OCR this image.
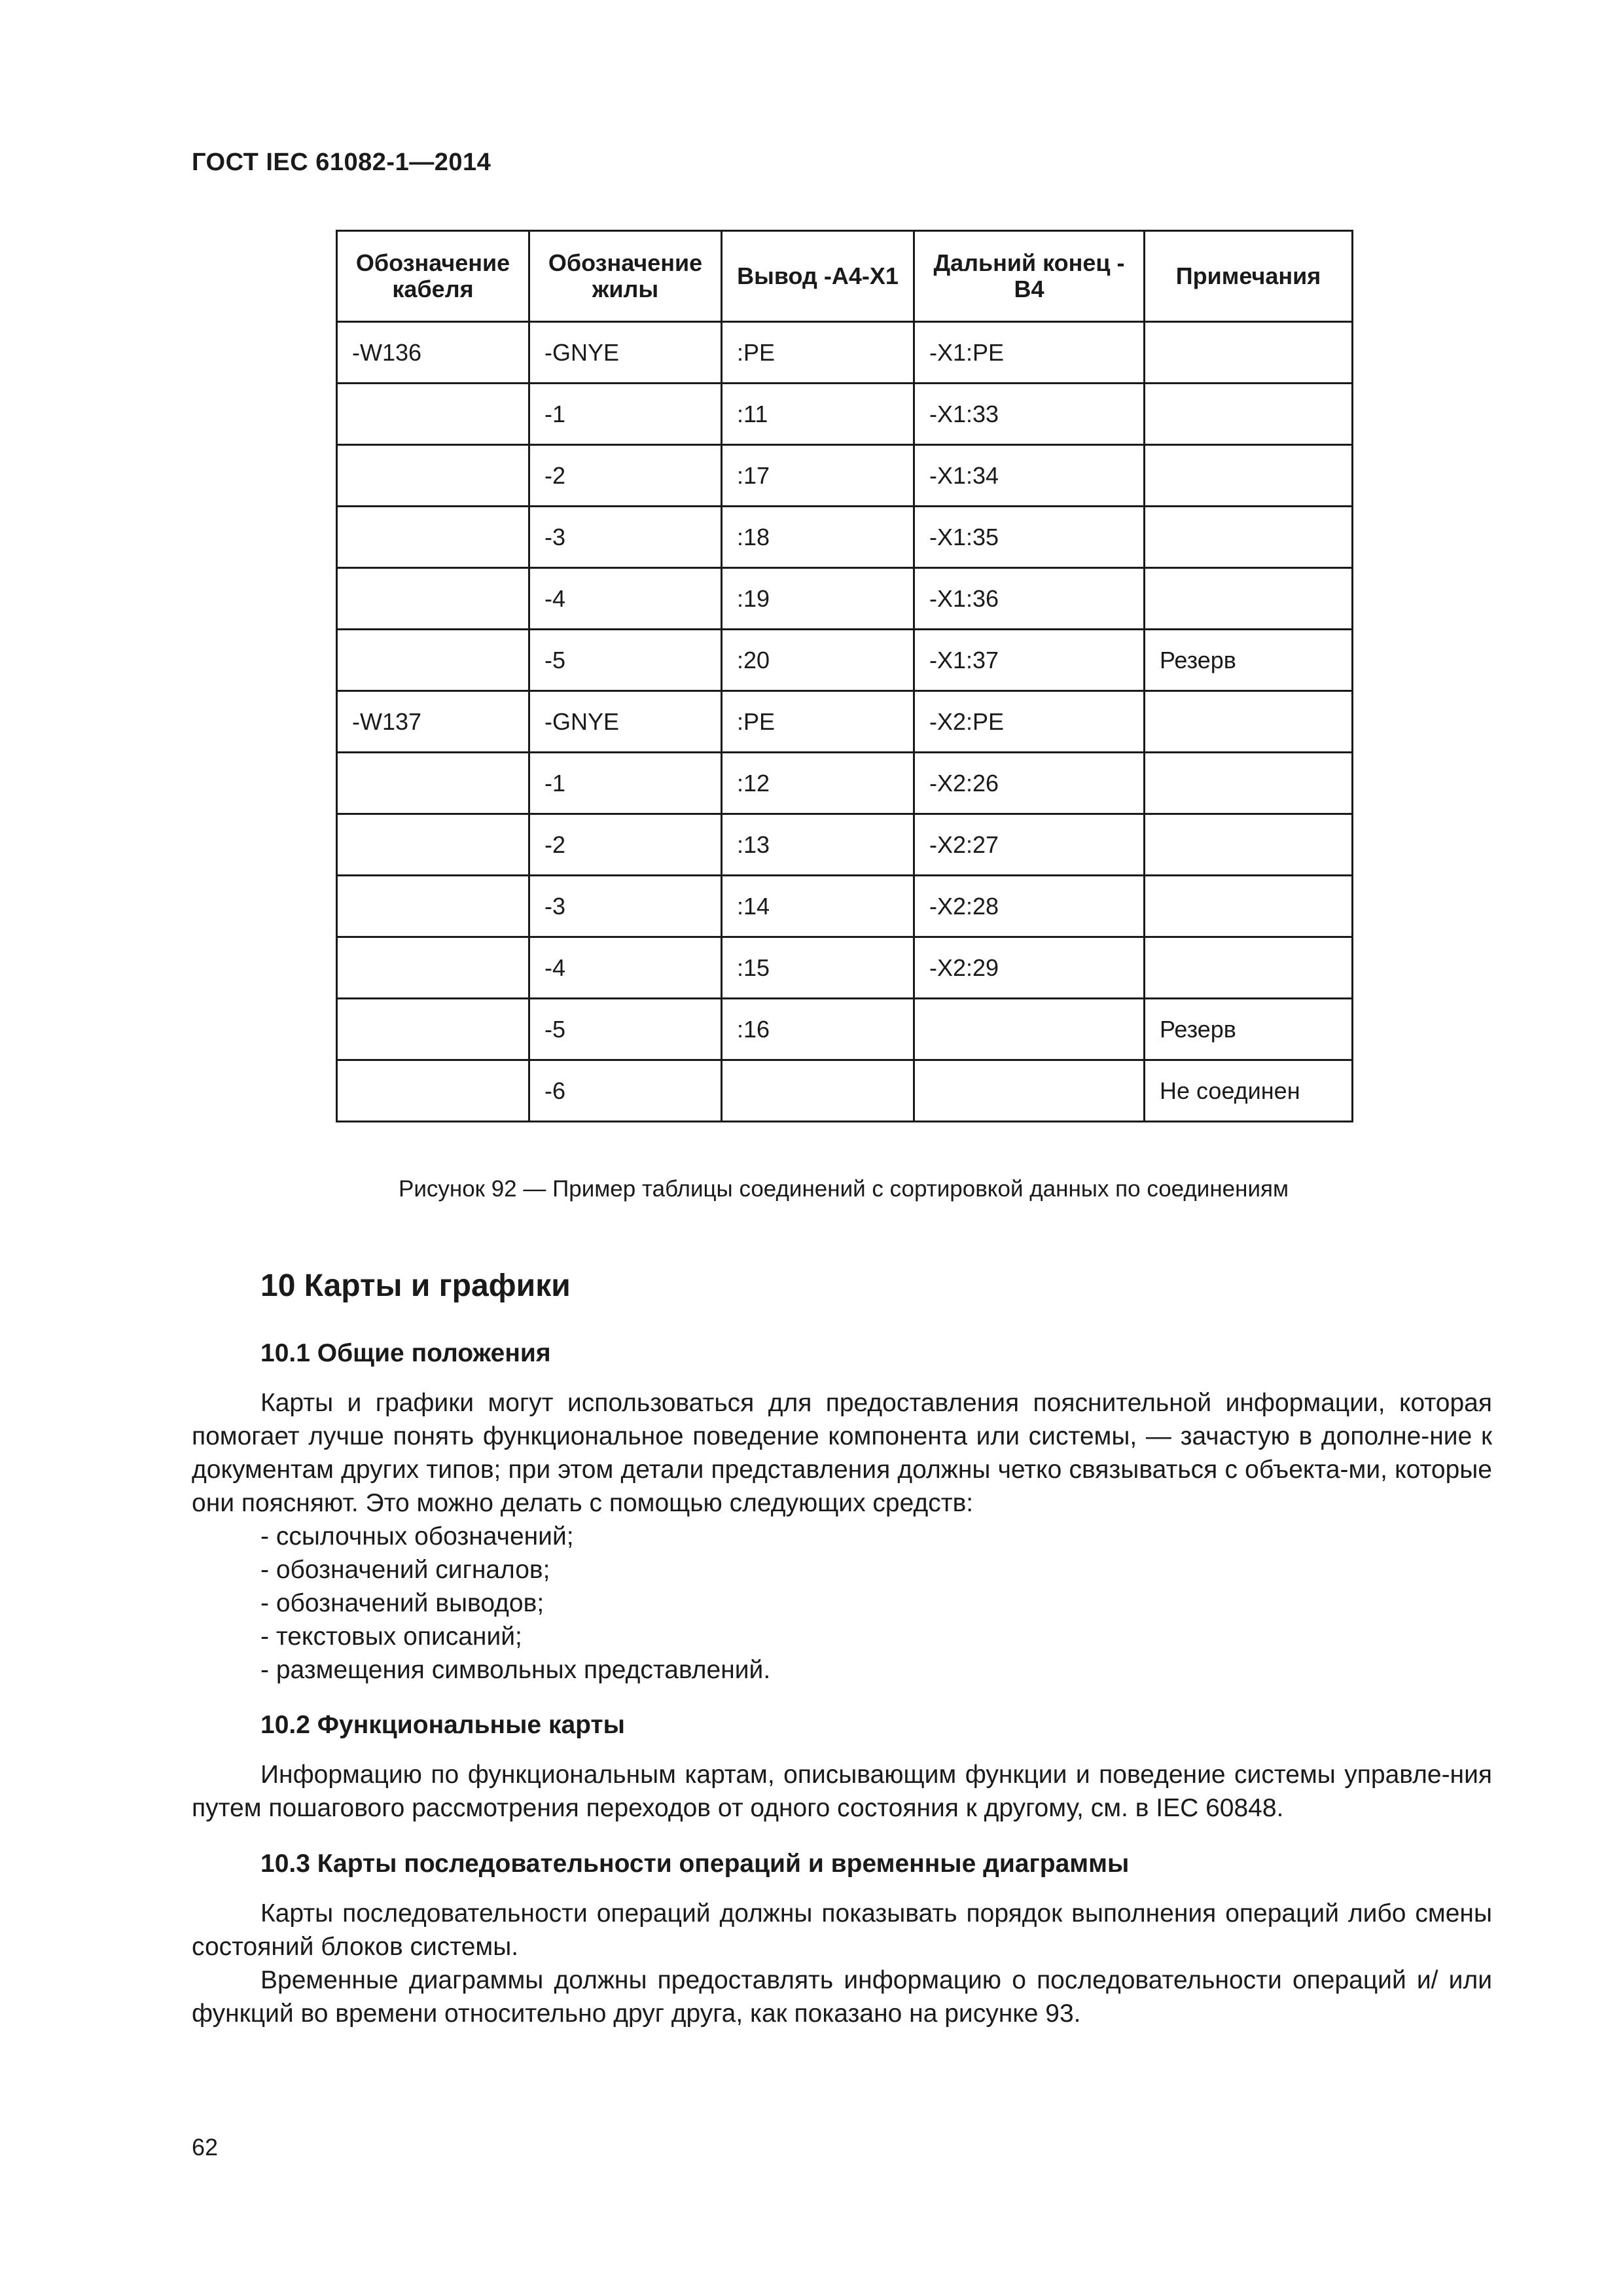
ГОСТ IEC 61082-1—2014
Обозначение кабеля	Обозначение жилы	Вывод -A4-X1	Дальний конец -B4	Примечания
-W136	-GNYE	:PE	-X1:PE	
	-1	:11	-X1:33	
	-2	:17	-X1:34	
	-3	:18	-X1:35	
	-4	:19	-X1:36	
	-5	:20	-X1:37	Резерв
-W137	-GNYE	:PE	-X2:PE	
	-1	:12	-X2:26	
	-2	:13	-X2:27	
	-3	:14	-X2:28	
	-4	:15	-X2:29	
	-5	:16		Резерв
	-6			Не соединен
Рисунок 92 — Пример таблицы соединений с сортировкой данных по соединениям
10 Карты и графики
10.1 Общие положения

Карты и графики могут использоваться для предоставления пояснительной информации, которая помогает лучше понять функциональное поведение компонента или системы, — зачастую в дополне-ние к документам других типов; при этом детали представления должны четко связываться с объекта-ми, которые они поясняют. Это можно делать с помощью следующих средств:

- ссылочных обозначений;
- обозначений сигналов;
- обозначений выводов;
- текстовых описаний;
- размещения символьных представлений.
10.2 Функциональные карты

Информацию по функциональным картам, описывающим функции и поведение системы управле-ния путем пошагового рассмотрения переходов от одного состояния к другому, см. в IEC 60848.

10.3 Карты последовательности операций и временные диаграммы

Карты последовательности операций должны показывать порядок выполнения операций либо смены состояний блоков системы.

Временные диаграммы должны предоставлять информацию о последовательности операций и/ или функций во времени относительно друг друга, как показано на рисунке 93.

62
